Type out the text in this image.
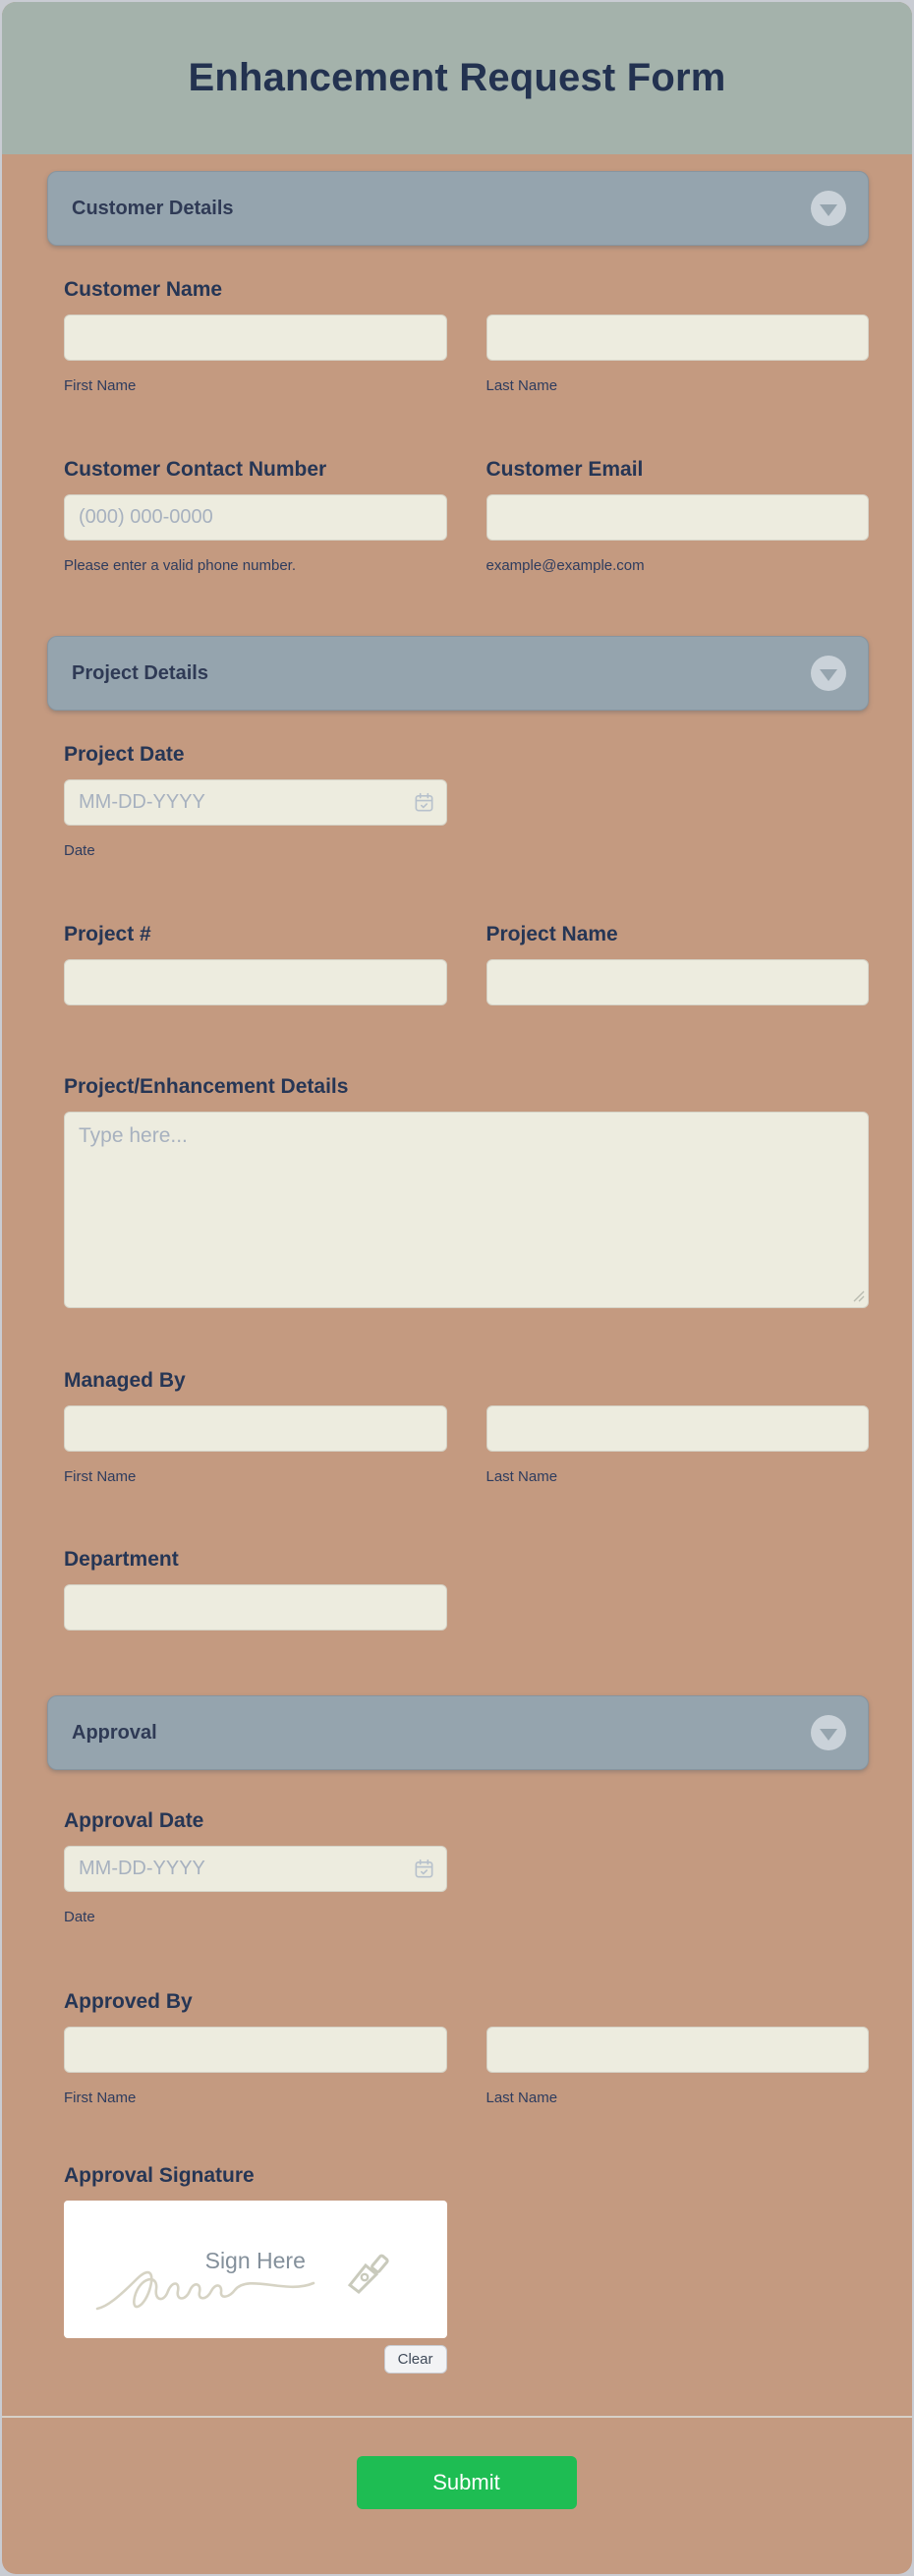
Enhancement Request Form
Customer Details
Customer Name
First Name	Last Name
Customer Contact Number
(000) 000-0000
Please enter a valid phone number.
Customer Email
example@example.com
Project Details
Project Date
MM-DD-YYYY
Date
Project #	Project Name
Project/Enhancement Details
Type here...
Managed By
First Name	Last Name
Department
Approval
Approval Date
MM-DD-YYYY
Date
Approved By
First Name	Last Name
Approval Signature
Sign Here
Clear
Submit
